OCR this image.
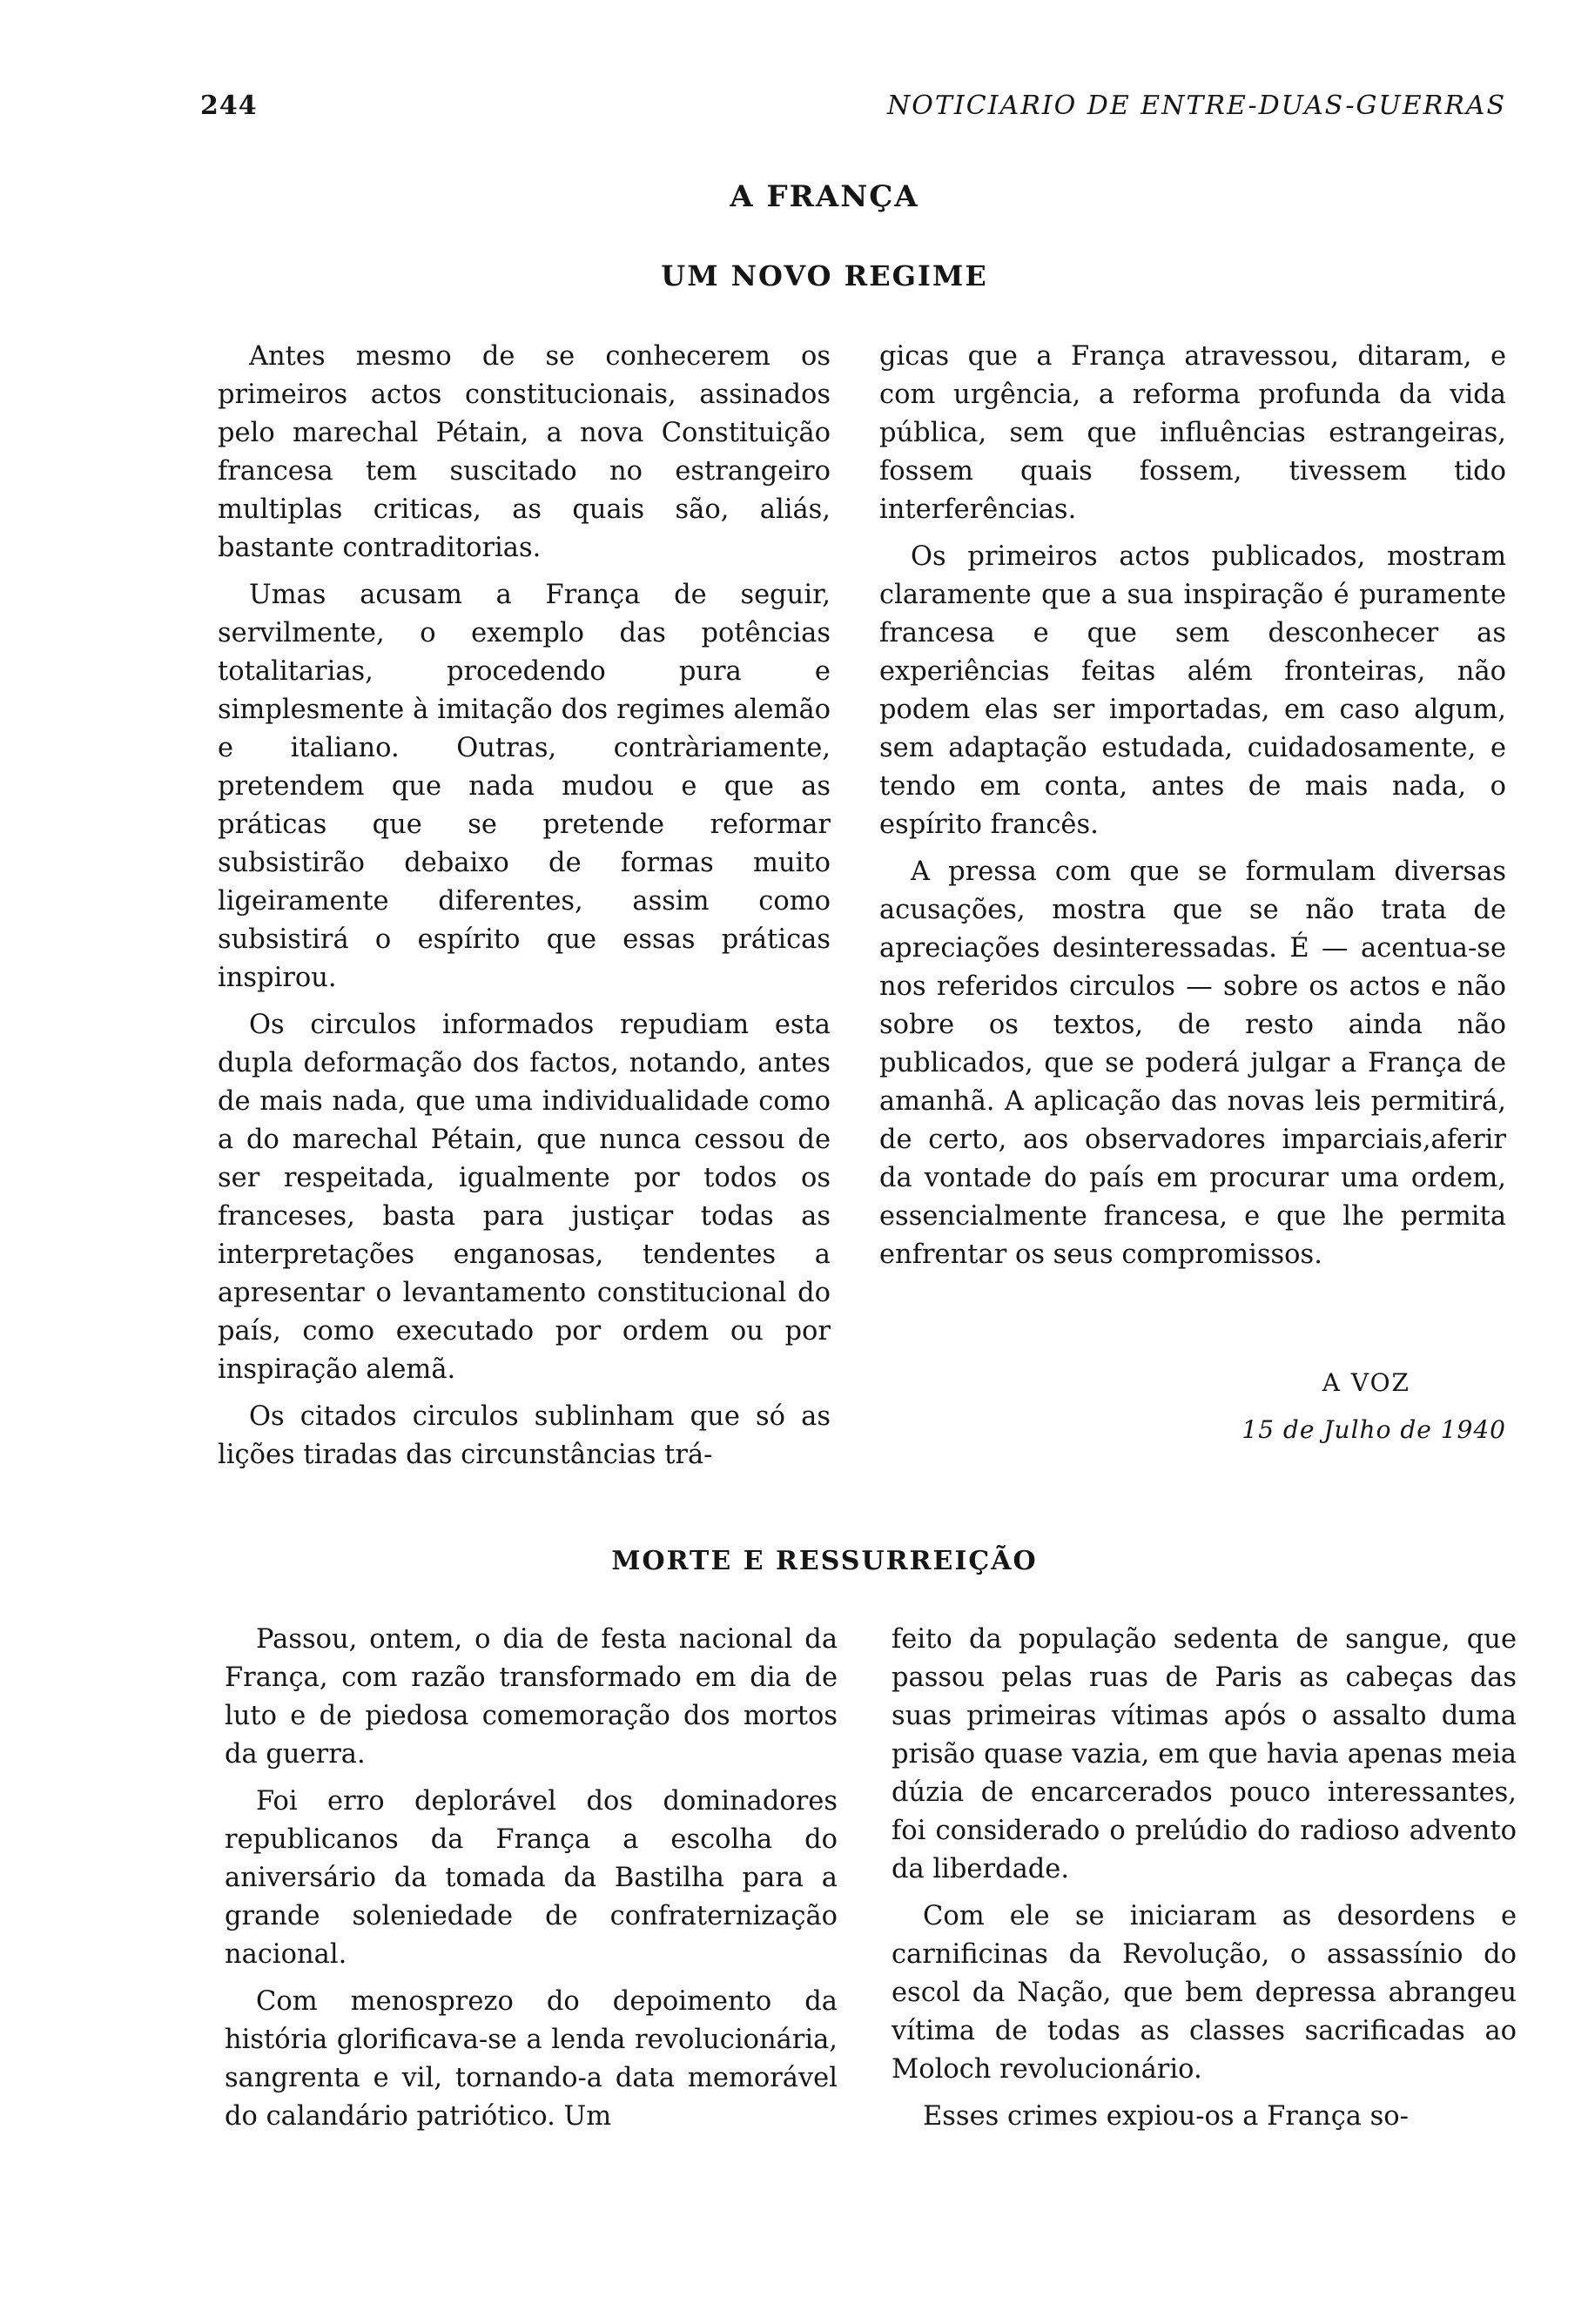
244	NOTICIARIO DE ENTRE-DUAS-GUERRAS
A FRANÇA
UM NOVO REGIME

Antes mesmo de se conhecerem os primeiros actos constitucionais, assinados pelo marechal Pétain, a nova Constituição francesa tem suscitado no estrangeiro multiplas criticas, as quais são, aliás, bastante contraditorias.

Umas acusam a França de seguir, servilmente, o exemplo das potências totalitarias, procedendo pura e simplesmente à imitação dos regimes alemão e italiano. Outras, contràriamente, pretendem que nada mudou e que as práticas que se pretende reformar subsistirão debaixo de formas muito ligeiramente diferentes, assim como subsistirá o espírito que essas práticas inspirou.

Os circulos informados repudiam esta dupla deformação dos factos, notando, antes de mais nada, que uma individualidade como a do marechal Pétain, que nunca cessou de ser respeitada, igualmente por todos os franceses, basta para justiçar todas as interpretações enganosas, tendentes a apresentar o levantamento constitucional do país, como executado por ordem ou por inspiração alemã.

Os citados circulos sublinham que só as lições tiradas das circunstâncias trá-

gicas que a França atravessou, ditaram, e com urgência, a reforma profunda da vida pública, sem que influências estrangeiras, fossem quais fossem, tivessem tido interferências.

Os primeiros actos publicados, mostram claramente que a sua inspiração é puramente francesa e que sem desconhecer as experiências feitas além fronteiras, não podem elas ser importadas, em caso algum, sem adaptação estudada, cuidadosamente, e tendo em conta, antes de mais nada, o espírito francês.

A pressa com que se formulam diversas acusações, mostra que se não trata de apreciações desinteressadas. É — acentua-se nos referidos circulos — sobre os actos e não sobre os textos, de resto ainda não publicados, que se poderá julgar a França de amanhã. A aplicação das novas leis permitirá, de certo, aos observadores imparciais,aferir da vontade do país em procurar uma ordem, essencialmente francesa, e que lhe permita enfrentar os seus compromissos.

A VOZ
15 de Julho de 1940
MORTE E RESSURREIÇÃO

Passou, ontem, o dia de festa nacional da França, com razão transformado em dia de luto e de piedosa comemoração dos mortos da guerra.

Foi erro deplorável dos dominadores republicanos da França a escolha do aniversário da tomada da Bastilha para a grande soleniedade de confraternização nacional.

Com menosprezo do depoimento da história glorificava-se a lenda revolucionária, sangrenta e vil, tornando-a data memorável do calandário patriótico. Um

feito da população sedenta de sangue, que passou pelas ruas de Paris as cabeças das suas primeiras vítimas após o assalto duma prisão quase vazia, em que havia apenas meia dúzia de encarcerados pouco interessantes, foi considerado o prelúdio do radioso advento da liberdade.

Com ele se iniciaram as desordens e carnificinas da Revolução, o assassínio do escol da Nação, que bem depressa abrangeu vítima de todas as classes sacrificadas ao Moloch revolucionário.

Esses crimes expiou-os a França so-
